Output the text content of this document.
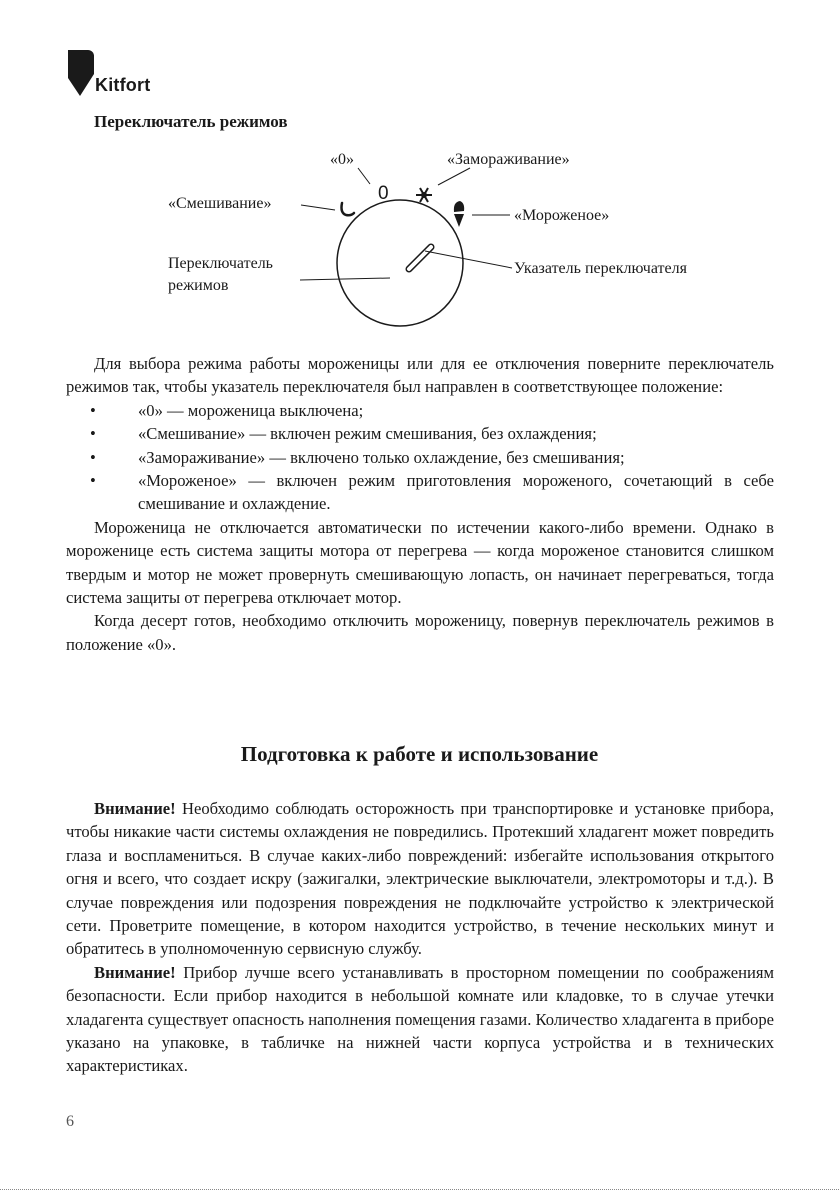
Kitfort
Переключатель режимов
0
«0»	«Замораживание»
«Смешивание»
«Мороженое»
Переключатель
режимов
Указатель переключателя

Для выбора режима работы мороженицы или для ее отключения поверните переключатель режимов так, чтобы указатель переключателя был направлен в соответствующее положение:

• «0» — мороженица выключена;
• «Смешивание» — включен режим смешивания, без охлаждения;
• «Замораживание» — включено только охлаждение, без смешивания;
• «Мороженое» — включен режим приготовления мороженого, сочетающий в себе смешивание и охлаждение.

Мороженица не отключается автоматически по истечении какого-либо времени. Однако в мороженице есть система защиты мотора от перегрева — когда мороженое становится слишком твердым и мотор не может провернуть смешивающую лопасть, он начинает перегреваться, тогда система защиты от перегрева отключает мотор.

Когда десерт готов, необходимо отключить мороженицу, повернув переключатель режимов в положение «0».

Подготовка к работе и использование

Внимание! Необходимо соблюдать осторожность при транспортировке и установке прибора, чтобы никакие части системы охлаждения не повредились. Протекший хладагент может повредить глаза и воспламениться. В случае каких-либо повреждений: избегайте использования открытого огня и всего, что создает искру (зажигалки, электрические выключатели, электромоторы и т.д.). В случае повреждения или подозрения повреждения не подключайте устройство к электрической сети. Проветрите помещение, в котором находится устройство, в течение нескольких минут и обратитесь в уполномоченную сервисную службу.

Внимание! Прибор лучше всего устанавливать в просторном помещении по соображениям безопасности. Если прибор находится в небольшой комнате или кладовке, то в случае утечки хладагента существует опасность наполнения помещения газами. Количество хладагента в приборе указано на упаковке, в табличке на нижней части корпуса устройства и в технических характеристиках.

6
